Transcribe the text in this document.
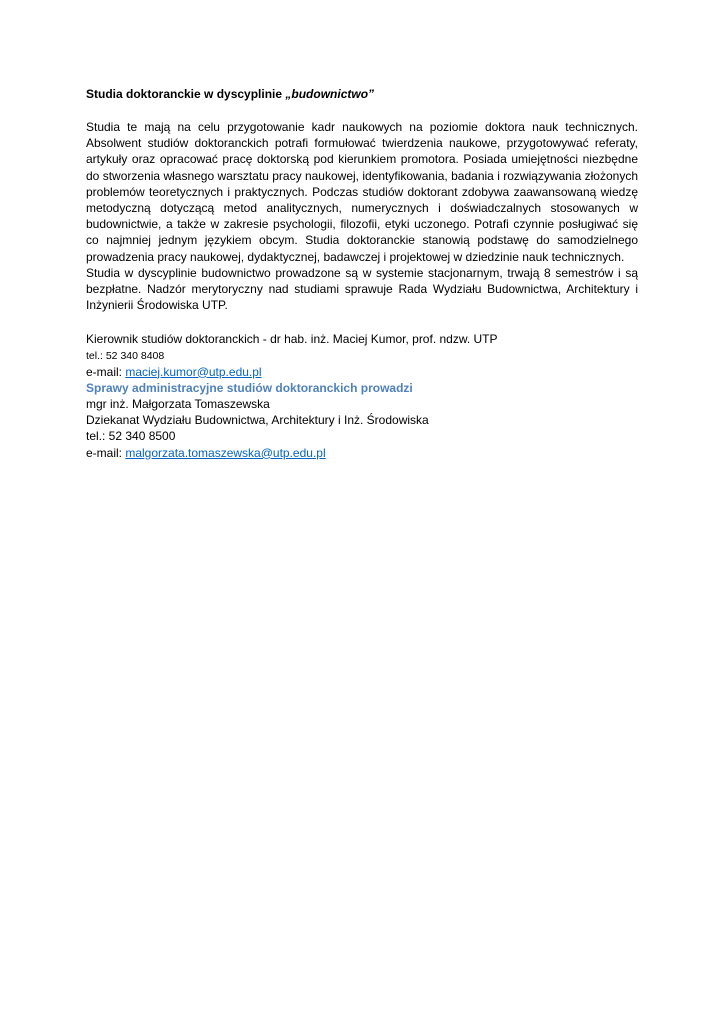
Studia doktoranckie w dyscyplinie „budownictwo”

Studia te mają na celu przygotowanie kadr naukowych na poziomie doktora nauk technicznych. Absolwent studiów doktoranckich potrafi formułować twierdzenia naukowe, przygotowywać referaty, artykuły oraz opracować pracę doktorską pod kierunkiem promotora. Posiada umiejętności niezbędne do stworzenia własnego warsztatu pracy naukowej, identyfikowania, badania i rozwiązywania złożonych problemów teoretycznych i praktycznych. Podczas studiów doktorant zdobywa zaawansowaną wiedzę metodyczną dotyczącą metod analitycznych, numerycznych i doświadczalnych stosowanych w budownictwie, a także w zakresie psychologii, filozofii, etyki uczonego. Potrafi czynnie posługiwać się co najmniej jednym językiem obcym. Studia doktoranckie stanowią podstawę do samodzielnego prowadzenia pracy naukowej, dydaktycznej, badawczej i projektowej w dziedzinie nauk technicznych.

Studia w dyscyplinie budownictwo prowadzone są w systemie stacjonarnym, trwają 8 semestrów i są bezpłatne. Nadzór merytoryczny nad studiami sprawuje Rada Wydziału Budownictwa, Architektury i Inżynierii Środowiska UTP.

Kierownik studiów doktoranckich - dr hab. inż. Maciej Kumor, prof. ndzw. UTP
tel.: 52 340 8408
e-mail: maciej.kumor@utp.edu.pl
Sprawy administracyjne studiów doktoranckich prowadzi
mgr inż. Małgorzata Tomaszewska
Dziekanat Wydziału Budownictwa, Architektury i Inż. Środowiska
tel.: 52 340 8500
e-mail: malgorzata.tomaszewska@utp.edu.pl
